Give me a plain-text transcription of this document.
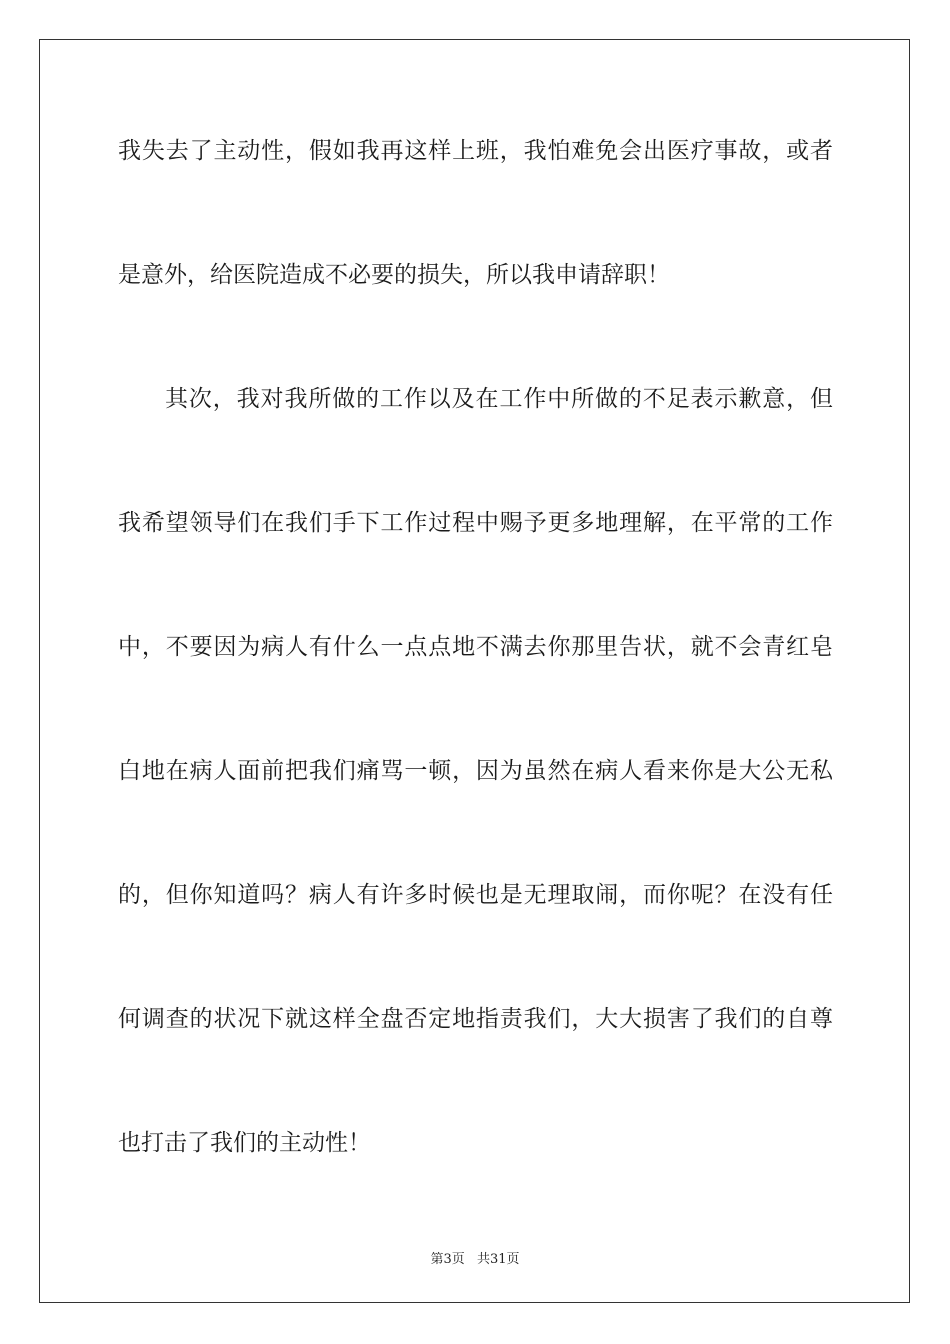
我失去了主动性，假如我再这样上班，我怕难免会出医疗事故，或者
是意外，给医院造成不必要的损失，所以我申请辞职！
其次，我对我所做的工作以及在工作中所做的不足表示歉意，但
我希望领导们在我们手下工作过程中赐予更多地理解，在平常的工作
中，不要因为病人有什么一点点地不满去你那里告状，就不会青红皂
白地在病人面前把我们痛骂一顿，因为虽然在病人看来你是大公无私
的，但你知道吗？病人有许多时候也是无理取闹，而你呢？在没有任
何调查的状况下就这样全盘否定地指责我们，大大损害了我们的自尊
也打击了我们的主动性！
第3页 共31页
